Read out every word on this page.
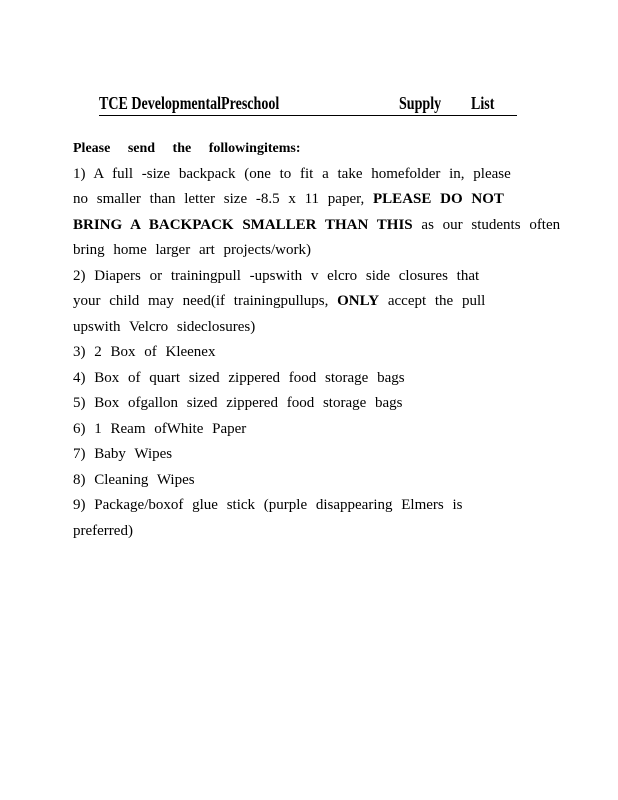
TCE DevelopmentalPreschool	Supply List
Please send the followingitems:
1) A full -size backpack (one to fit a take homefolder in, please
no smaller than letter size -8.5 x 11 paper, PLEASE DO NOT
BRING A BACKPACK SMALLER THAN THIS as our students often
bring home larger art projects/work)
2) Diapers or trainingpull -upswith v elcro side closures that
your child may need(if trainingpullups, ONLY accept the pull
upswith Velcro sideclosures)
3) 2 Box of Kleenex
4) Box of quart sized zippered food storage bags
5) Box ofgallon sized zippered food storage bags
6) 1 Ream ofWhite Paper
7) Baby Wipes
8) Cleaning Wipes
9) Package/boxof glue stick (purple disappearing Elmers is
preferred)
